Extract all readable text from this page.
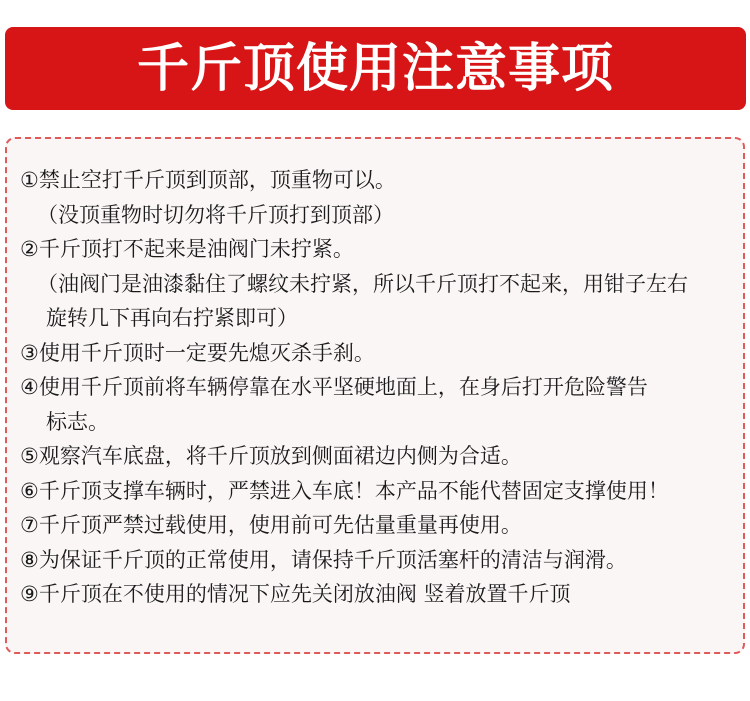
千斤顶使用注意事项
①禁止空打千斤顶到顶部，顶重物可以。
（没顶重物时切勿将千斤顶打到顶部）
②千斤顶打不起来是油阀门未拧紧。
（油阀门是油漆黏住了螺纹未拧紧，所以千斤顶打不起来，用钳子左右
旋转几下再向右拧紧即可）
③使用千斤顶时一定要先熄灭杀手刹。
④使用千斤顶前将车辆停靠在水平坚硬地面上，在身后打开危险警告
标志。
⑤观察汽车底盘，将千斤顶放到侧面裙边内侧为合适。
⑥千斤顶支撑车辆时，严禁进入车底！本产品不能代替固定支撑使用！
⑦千斤顶严禁过载使用，使用前可先估量重量再使用。
⑧为保证千斤顶的正常使用，请保持千斤顶活塞杆的清洁与润滑。
⑨千斤顶在不使用的情况下应先关闭放油阀 竖着放置千斤顶
